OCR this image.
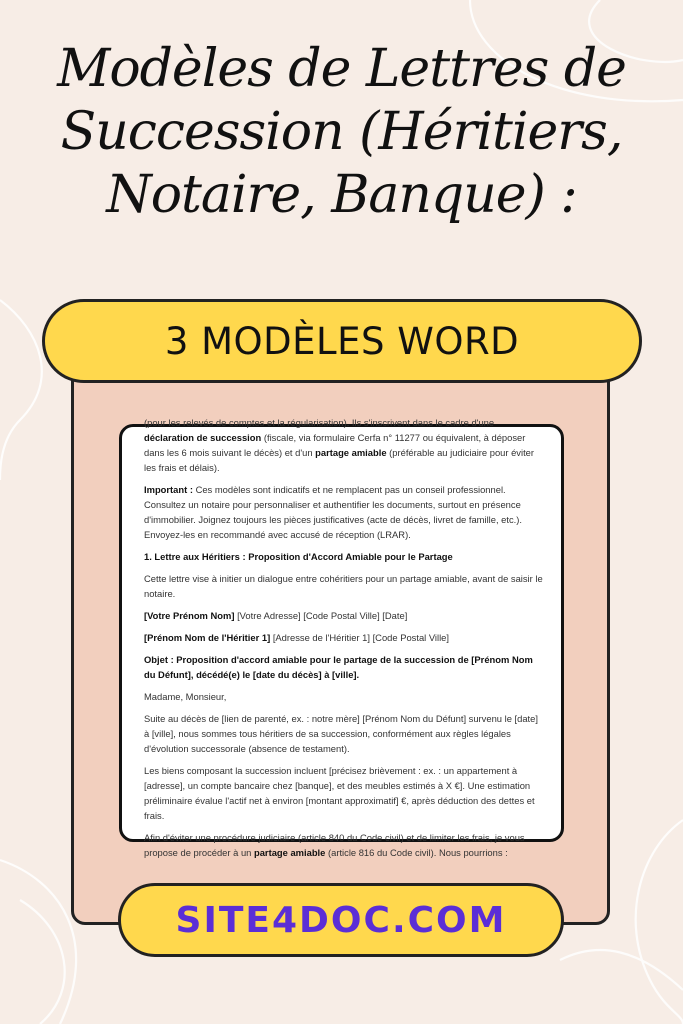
Modèles de Lettres de
Succession (Héritiers,
Notaire, Banque) :
3 MODÈLES WORD

(pour les relevés de comptes et la régularisation). Ils s'inscrivent dans le cadre d'une
déclaration de succession (fiscale, via formulaire Cerfa n° 11277 ou équivalent, à déposer dans les 6 mois suivant le décès) et d'un partage amiable (préférable au judiciaire pour éviter les frais et délais).

Important : Ces modèles sont indicatifs et ne remplacent pas un conseil professionnel. Consultez un notaire pour personnaliser et authentifier les documents, surtout en présence d'immobilier. Joignez toujours les pièces justificatives (acte de décès, livret de famille, etc.). Envoyez-les en recommandé avec accusé de réception (LRAR).

1. Lettre aux Héritiers : Proposition d'Accord Amiable pour le Partage

Cette lettre vise à initier un dialogue entre cohéritiers pour un partage amiable, avant de saisir le notaire.

[Votre Prénom Nom] [Votre Adresse] [Code Postal Ville] [Date]

[Prénom Nom de l'Héritier 1] [Adresse de l'Héritier 1] [Code Postal Ville]

Objet : Proposition d'accord amiable pour le partage de la succession de [Prénom Nom du Défunt], décédé(e) le [date du décès] à [ville].

Madame, Monsieur,

Suite au décès de [lien de parenté, ex. : notre mère] [Prénom Nom du Défunt] survenu le [date] à [ville], nous sommes tous héritiers de sa succession, conformément aux règles légales d'évolution successorale (absence de testament).

Les biens composant la succession incluent [précisez brièvement : ex. : un appartement à [adresse], un compte bancaire chez [banque], et des meubles estimés à X €]. Une estimation préliminaire évalue l'actif net à environ [montant approximatif] €, après déduction des dettes et frais.

Afin d'éviter une procédure judiciaire (article 840 du Code civil) et de limiter les frais, je vous propose de procéder à un partage amiable (article 816 du Code civil). Nous pourrions :

SITE4DOC.COM
